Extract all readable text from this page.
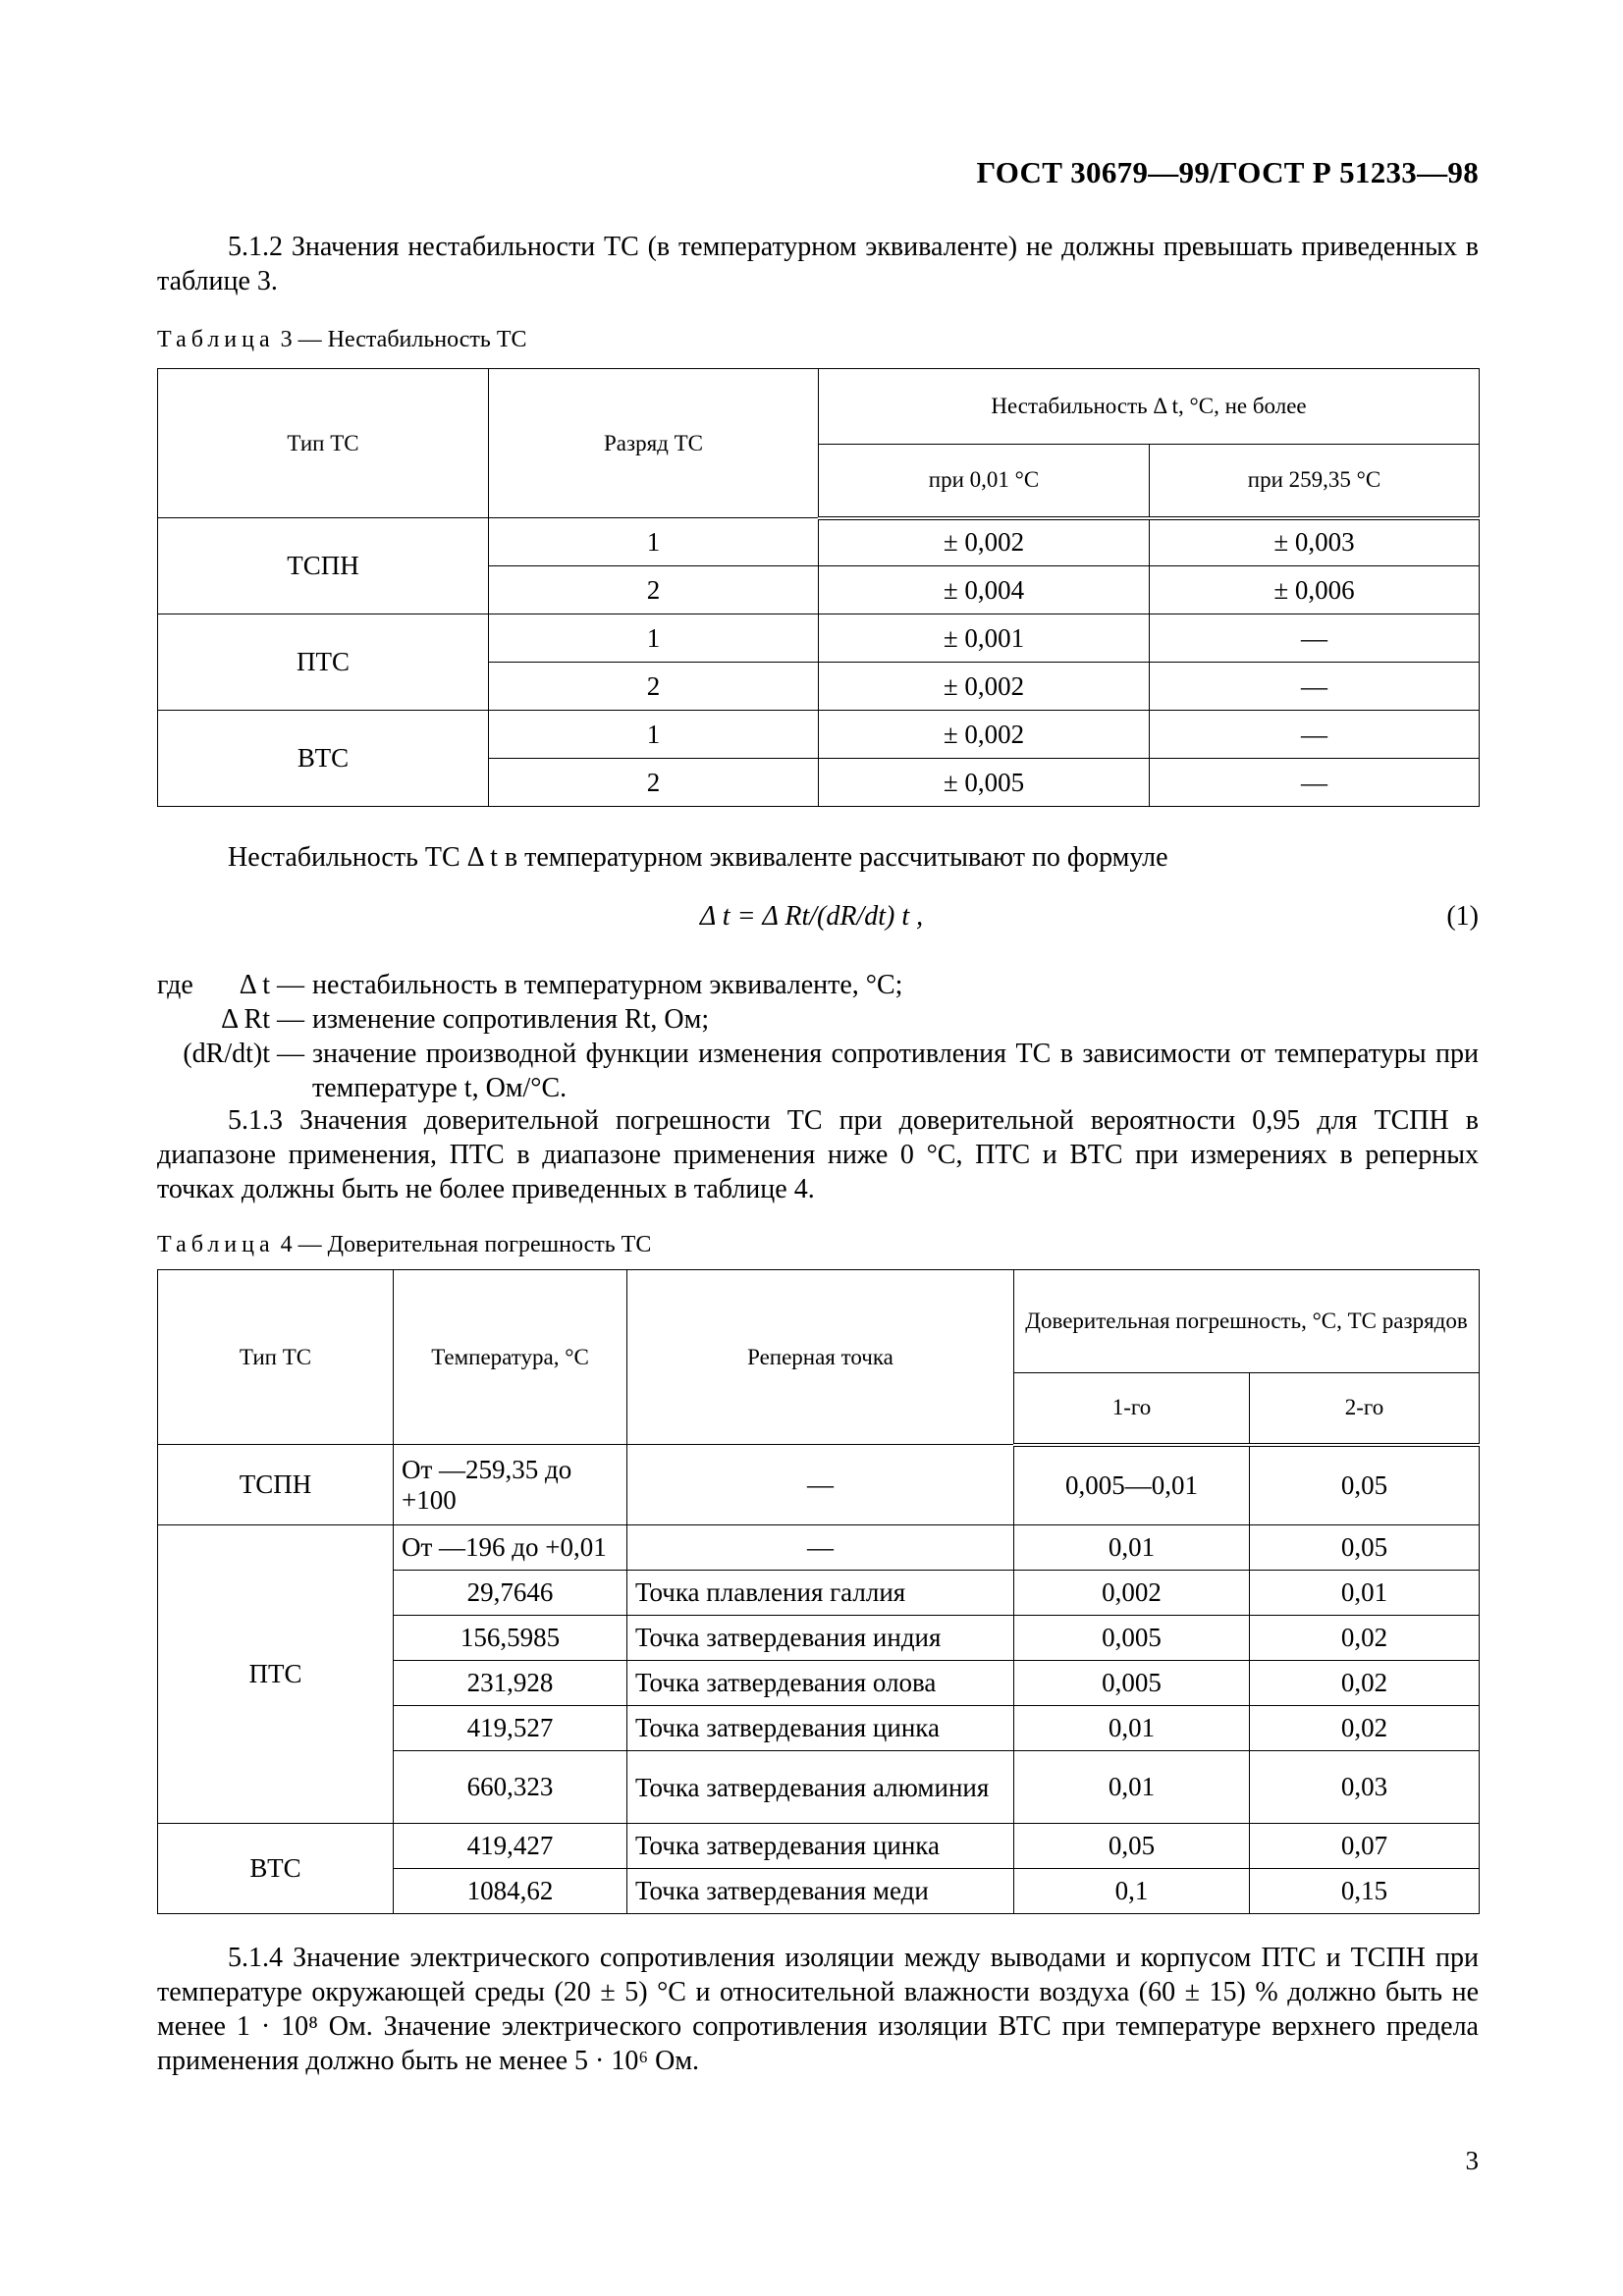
ГОСТ 30679—99/ГОСТ Р 51233—98
5.1.2 Значения нестабильности ТС (в температурном эквиваленте) не должны превышать приведенных в таблице 3.
Таблица 3 — Нестабильность ТС
Тип ТС	Разряд ТС	Нестабильность Δ t, °С, не более	
		при 0,01 °С	при 259,35 °С
ТСПН	1	± 0,002	± 0,003
	2	± 0,004	± 0,006
ПТС	1	± 0,001	—
	2	± 0,002	—
ВТС	1	± 0,002	—
	2	± 0,005	—
Нестабильность ТС Δ t в температурном эквиваленте рассчитывают по формуле
Δ t = Δ Rt/(dR/dt) t ,	(1)
где	Δ t — нестабильность в температурном эквиваленте, °С;
Δ Rt — изменение сопротивления Rt, Ом;
(dR/dt)t — значение производной функции изменения сопротивления ТС в зависимости от температуры при температуре t, Ом/°С.
5.1.3 Значения доверительной погрешности ТС при доверительной вероятности 0,95 для ТСПН в диапазоне применения, ПТС в диапазоне применения ниже 0 °С, ПТС и ВТС при измерениях в реперных точках должны быть не более приведенных в таблице 4.
Таблица 4 — Доверительная погрешность ТС
Тип ТС	Температура, °С	Реперная точка	Доверительная погрешность, °С, ТС разрядов	
			1-го	2-го
ТСПН	От —259,35 до +100	—	0,005—0,01	0,05
ПТС	От —196 до +0,01	—	0,01	0,05
	29,7646	Точка плавления галлия	0,002	0,01
	156,5985	Точка затвердевания индия	0,005	0,02
	231,928	Точка затвердевания олова	0,005	0,02
	419,527	Точка затвердевания цинка	0,01	0,02
	660,323	Точка затвердевания алюминия	0,01	0,03
ВТС	419,427	Точка затвердевания цинка	0,05	0,07
	1084,62	Точка затвердевания меди	0,1	0,15
5.1.4 Значение электрического сопротивления изоляции между выводами и корпусом ПТС и ТСПН при температуре окружающей среды (20 ± 5) °С и относительной влажности воздуха (60 ± 15) % должно быть не менее 1 · 10⁸ Ом. Значение электрического сопротивления изоляции ВТС при температуре верхнего предела применения должно быть не менее 5 · 10⁶ Ом.
3
